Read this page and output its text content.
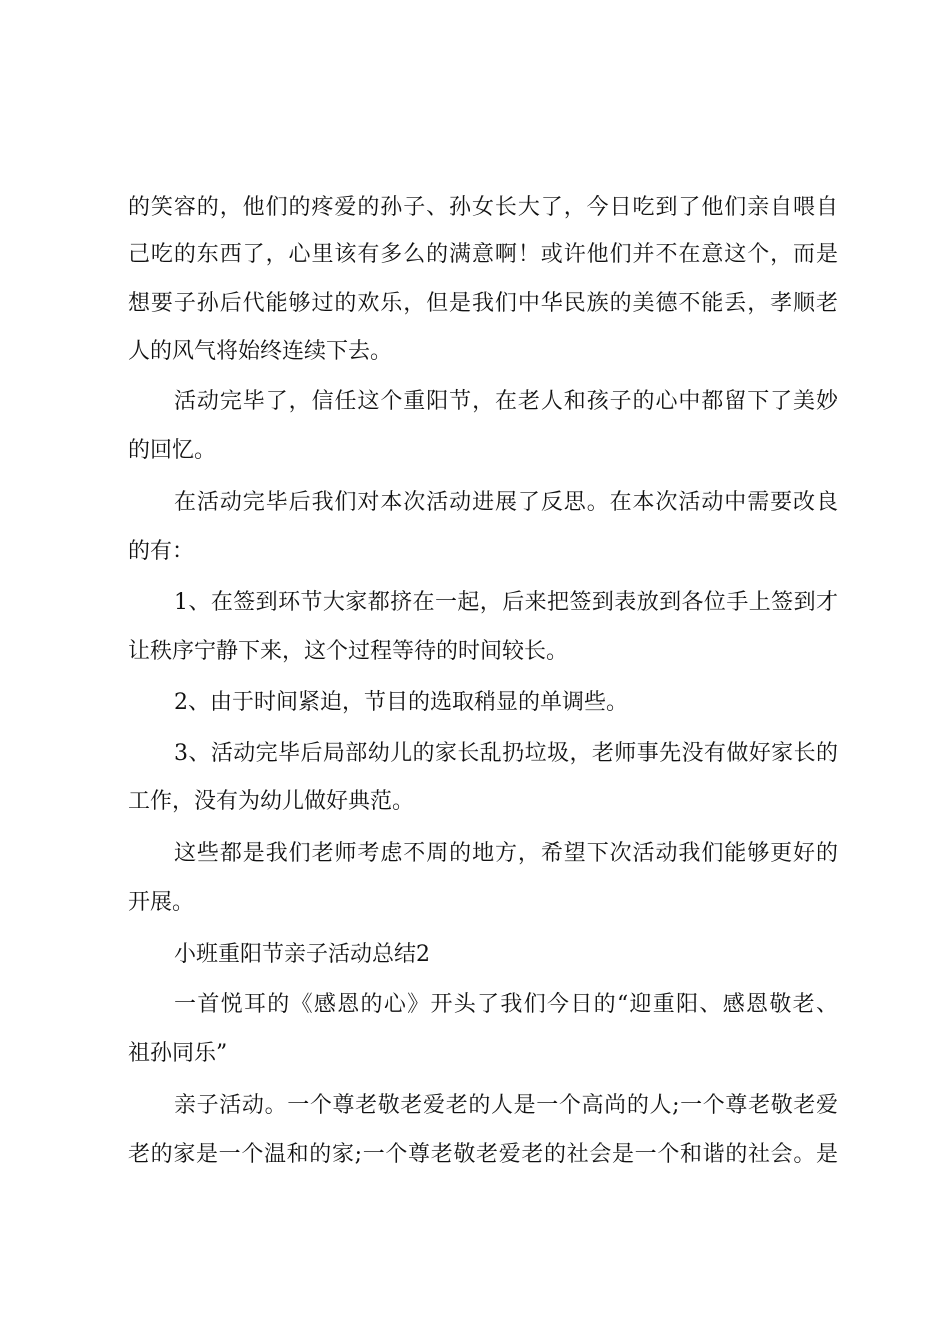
的笑容的，他们的疼爱的孙子、孙女长大了，今日吃到了他们亲自喂自
己吃的东西了，心里该有多么的满意啊！或许他们并不在意这个，而是
想要子孙后代能够过的欢乐，但是我们中华民族的美德不能丢，孝顺老
人的风气将始终连续下去。
活动完毕了，信任这个重阳节，在老人和孩子的心中都留下了美妙
的回忆。
在活动完毕后我们对本次活动进展了反思。在本次活动中需要改良
的有：
1、在签到环节大家都挤在一起，后来把签到表放到各位手上签到才
让秩序宁静下来，这个过程等待的时间较长。
2、由于时间紧迫，节目的选取稍显的单调些。
3、活动完毕后局部幼儿的家长乱扔垃圾，老师事先没有做好家长的
工作，没有为幼儿做好典范。
这些都是我们老师考虑不周的地方，希望下次活动我们能够更好的
开展。
小班重阳节亲子活动总结2
一首悦耳的《感恩的心》开头了我们今日的“迎重阳、感恩敬老、
祖孙同乐”
亲子活动。一个尊老敬老爱老的人是一个高尚的人;一个尊老敬老爱
老的家是一个温和的家;一个尊老敬老爱老的社会是一个和谐的社会。是
